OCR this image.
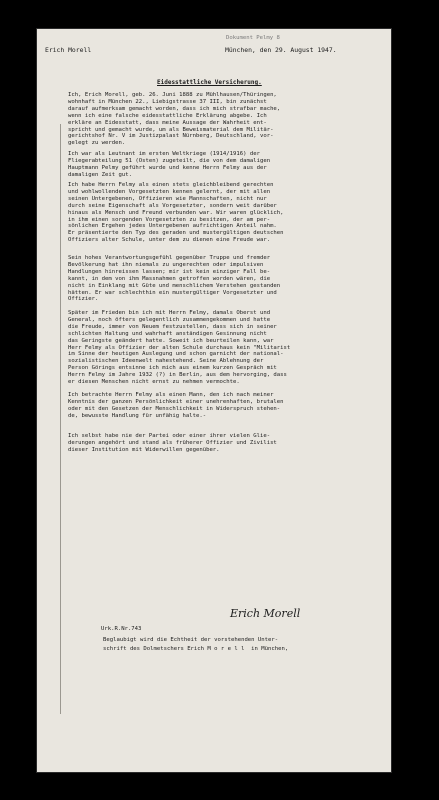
Dokument Pelmy 8
Erich Morell	München, den 29. August 1947.
Eidesstattliche Versicherung.
Ich, Erich Morell, geb. 26. Juni 1888 zu Mühlhausen/Thüringen,
wohnhaft in München 22., Liebigstrasse 37 III, bin zunächst
darauf aufmerksam gemacht worden, dass ich mich strafbar mache,
wenn ich eine falsche eidesstattliche Erklärung abgebe. Ich
erkläre an Eidesstatt, dass meine Aussage der Wahrheit ent-
spricht und gemacht wurde, um als Beweismaterial dem Militär-
gerichtshof Nr. V im Justizpalast Nürnberg, Deutschland, vor-
gelegt zu werden.
Ich war als Leutnant im ersten Weltkriege (1914/1916) der
Fliegerabteilung 51 (Osten) zugeteilt, die von dem damaligen
Hauptmann Pelmy geführt wurde und kenne Herrn Felmy aus der
damaligen Zeit gut.
Ich habe Herrn Felmy als einen stets gleichbleibend gerechten
und wohlwollenden Vorgesetzten kennen gelernt, der mit allen
seinen Untergebenen, Offizieren wie Mannschaften, nicht nur
durch seine Eigenschaft als Vorgesetzter, sondern weit darüber
hinaus als Mensch und Freund verbunden war. Wir waren glücklich,
in ihm einen sorgenden Vorgesetzten zu besitzen, der am per-
sönlichen Ergehen jedes Untergebenen aufrichtigen Anteil nahm.
Er präsentierte den Typ des geraden und mustergültigen deutschen
Offiziers alter Schule, unter dem zu dienen eine Freude war.
Sein hohes Verantwortungsgefühl gegenüber Truppe und fremder
Bevölkerung hat ihn niemals zu ungerechten oder impulsiven
Handlungen hinreissen lassen; mir ist kein einziger Fall be-
kannt, in dem von ihm Massnahmen getroffen worden wären, die
nicht in Einklang mit Güte und menschlichem Verstehen gestanden
hätten. Er war schlechthin ein mustergültiger Vorgesetzter und
Offizier.
Später im Frieden bin ich mit Herrn Felmy, damals Oberst und
General, noch öfters gelegentlich zusammengekommen und hatte
die Freude, immer von Neuem festzustellen, dass sich in seiner
schlichten Haltung und wahrhaft anständigen Gesinnung nicht
das Geringste geändert hatte. Soweit ich beurteilen kann, war
Herr Felmy als Offizier der alten Schule durchaus kein "Militarist
im Sinne der heutigen Auslegung und schon garnicht der national-
sozialistischen Ideenwelt nahestehend. Seine Ablehnung der
Person Görings entsinne ich mich aus einem kurzen Gespräch mit
Herrn Felmy im Jahre 1932 (?) in Berlin, aus dem hervorging, dass
er diesen Menschen nicht ernst zu nehmen vermochte.
Ich betrachte Herrn Felmy als einen Mann, den ich nach meiner
Kenntnis der ganzen Persönlichkeit einer unehrenhaften, brutalen
oder mit den Gesetzen der Menschlichkeit in Widerspruch stehen-
de, bewusste Handlung für unfähig halte.-
Ich selbst habe nie der Partei oder einer ihrer vielen Glie-
derungen angehört und stand als früherer Offizier und Zivilist
dieser Institution mit Widerwillen gegenüber.
Erich Morell
Urk.R.Nr.743
Beglaubigt wird die Echtheit der vorstehenden Unter-
schrift des Dolmetschers Erich M o r e l l  in München,
